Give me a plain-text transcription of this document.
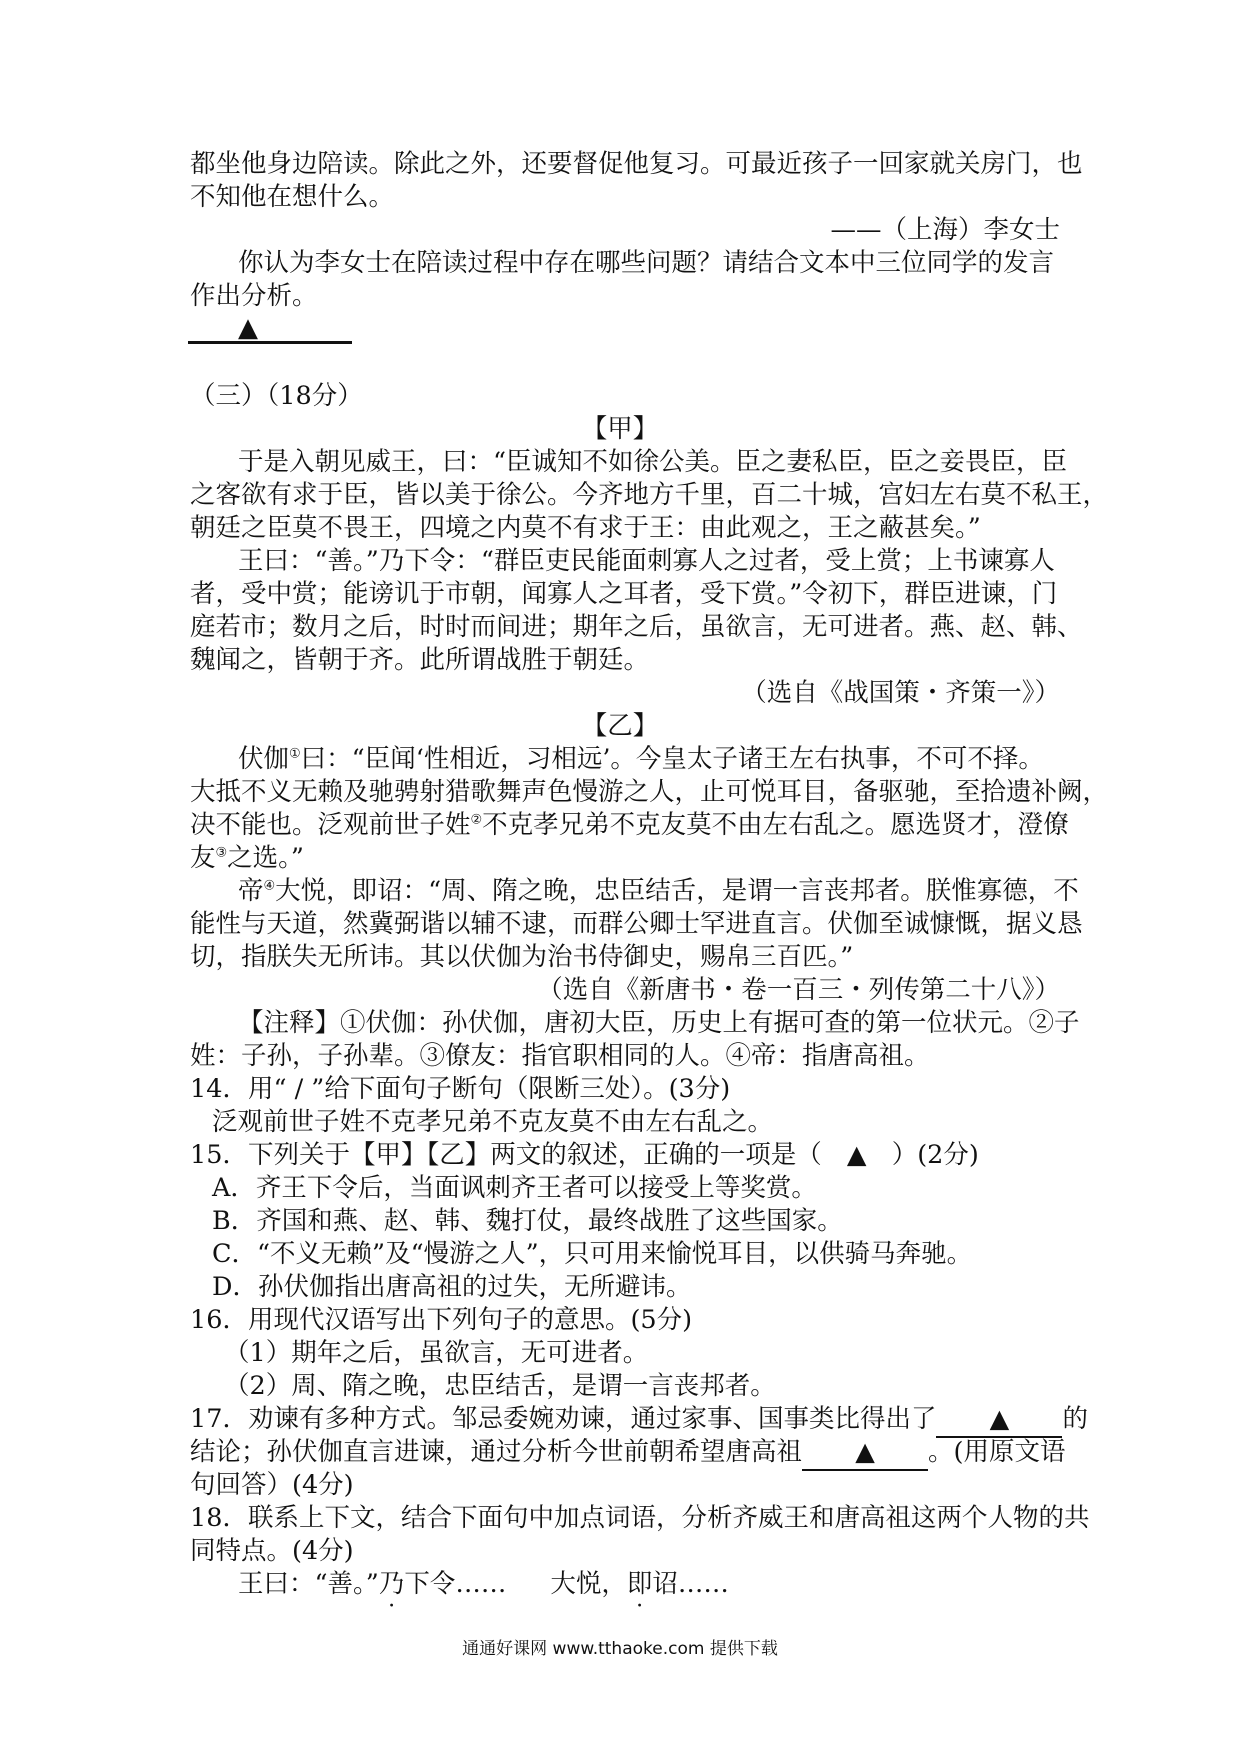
都坐他身边陪读。除此之外，还要督促他复习。可最近孩子一回家就关房门，也
不知他在想什么。
——（上海）李女士
你认为李女士在陪读过程中存在哪些问题？请结合文本中三位同学的发言
作出分析。
▲
（三）（18分）
【甲】
于是入朝见威王，曰：“臣诚知不如徐公美。臣之妻私臣，臣之妾畏臣，臣
之客欲有求于臣，皆以美于徐公。今齐地方千里，百二十城，宫妇左右莫不私王，
朝廷之臣莫不畏王，四境之内莫不有求于王：由此观之，王之蔽甚矣。”
王曰：“善。”乃下令：“群臣吏民能面刺寡人之过者，受上赏；上书谏寡人
者，受中赏；能谤讥于市朝，闻寡人之耳者，受下赏。”令初下，群臣进谏，门
庭若市；数月之后，时时而间进；期年之后，虽欲言，无可进者。燕、赵、韩、
魏闻之，皆朝于齐。此所谓战胜于朝廷。
（选自《战国策・齐策一》）
【乙】
伏伽①曰：“臣闻‘性相近，习相远’。今皇太子诸王左右执事，不可不择。
大抵不义无赖及驰骋射猎歌舞声色慢游之人，止可悦耳目，备驱驰，至拾遗补阙，
决不能也。泛观前世子姓②不克孝兄弟不克友莫不由左右乱之。愿选贤才，澄僚
友③之选。”
帝④大悦，即诏：“周、隋之晚，忠臣结舌，是谓一言丧邦者。朕惟寡德，不
能性与天道，然冀弼谐以辅不逮，而群公卿士罕进直言。伏伽至诚慷慨，据义恳
切，指朕失无所讳。其以伏伽为治书侍御史，赐帛三百匹。”
（选自《新唐书・卷一百三・列传第二十八》）
【注释】①伏伽：孙伏伽，唐初大臣，历史上有据可查的第一位状元。②子
姓：子孙，子孙辈。③僚友：指官职相同的人。④帝：指唐高祖。
14．用“ / ”给下面句子断句（限断三处）。(3分)
泛观前世子姓不克孝兄弟不克友莫不由左右乱之。
15．下列关于【甲】【乙】两文的叙述，正确的一项是（ ▲ ）(2分)
A．齐王下令后，当面讽刺齐王者可以接受上等奖赏。
B．齐国和燕、赵、韩、魏打仗，最终战胜了这些国家。
C．“不义无赖”及“慢游之人”，只可用来愉悦耳目，以供骑马奔驰。
D．孙伏伽指出唐高祖的过失，无所避讳。
16．用现代汉语写出下列句子的意思。(5分)
（1）期年之后，虽欲言，无可进者。
（2）周、隋之晚，忠臣结舌，是谓一言丧邦者。
17．劝谏有多种方式。邹忌委婉劝谏，通过家事、国事类比得出了 ▲ 的
结论；孙伏伽直言进谏，通过分析今世前朝希望唐高祖 ▲ 。(用原文语
句回答）(4分)
18．联系上下文，结合下面句中加点词语，分析齐威王和唐高祖这两个人物的共
同特点。(4分)
王曰：“善。”乃下令…… 大悦，即诏……
通通好课网 www.tthaoke.com 提供下载
